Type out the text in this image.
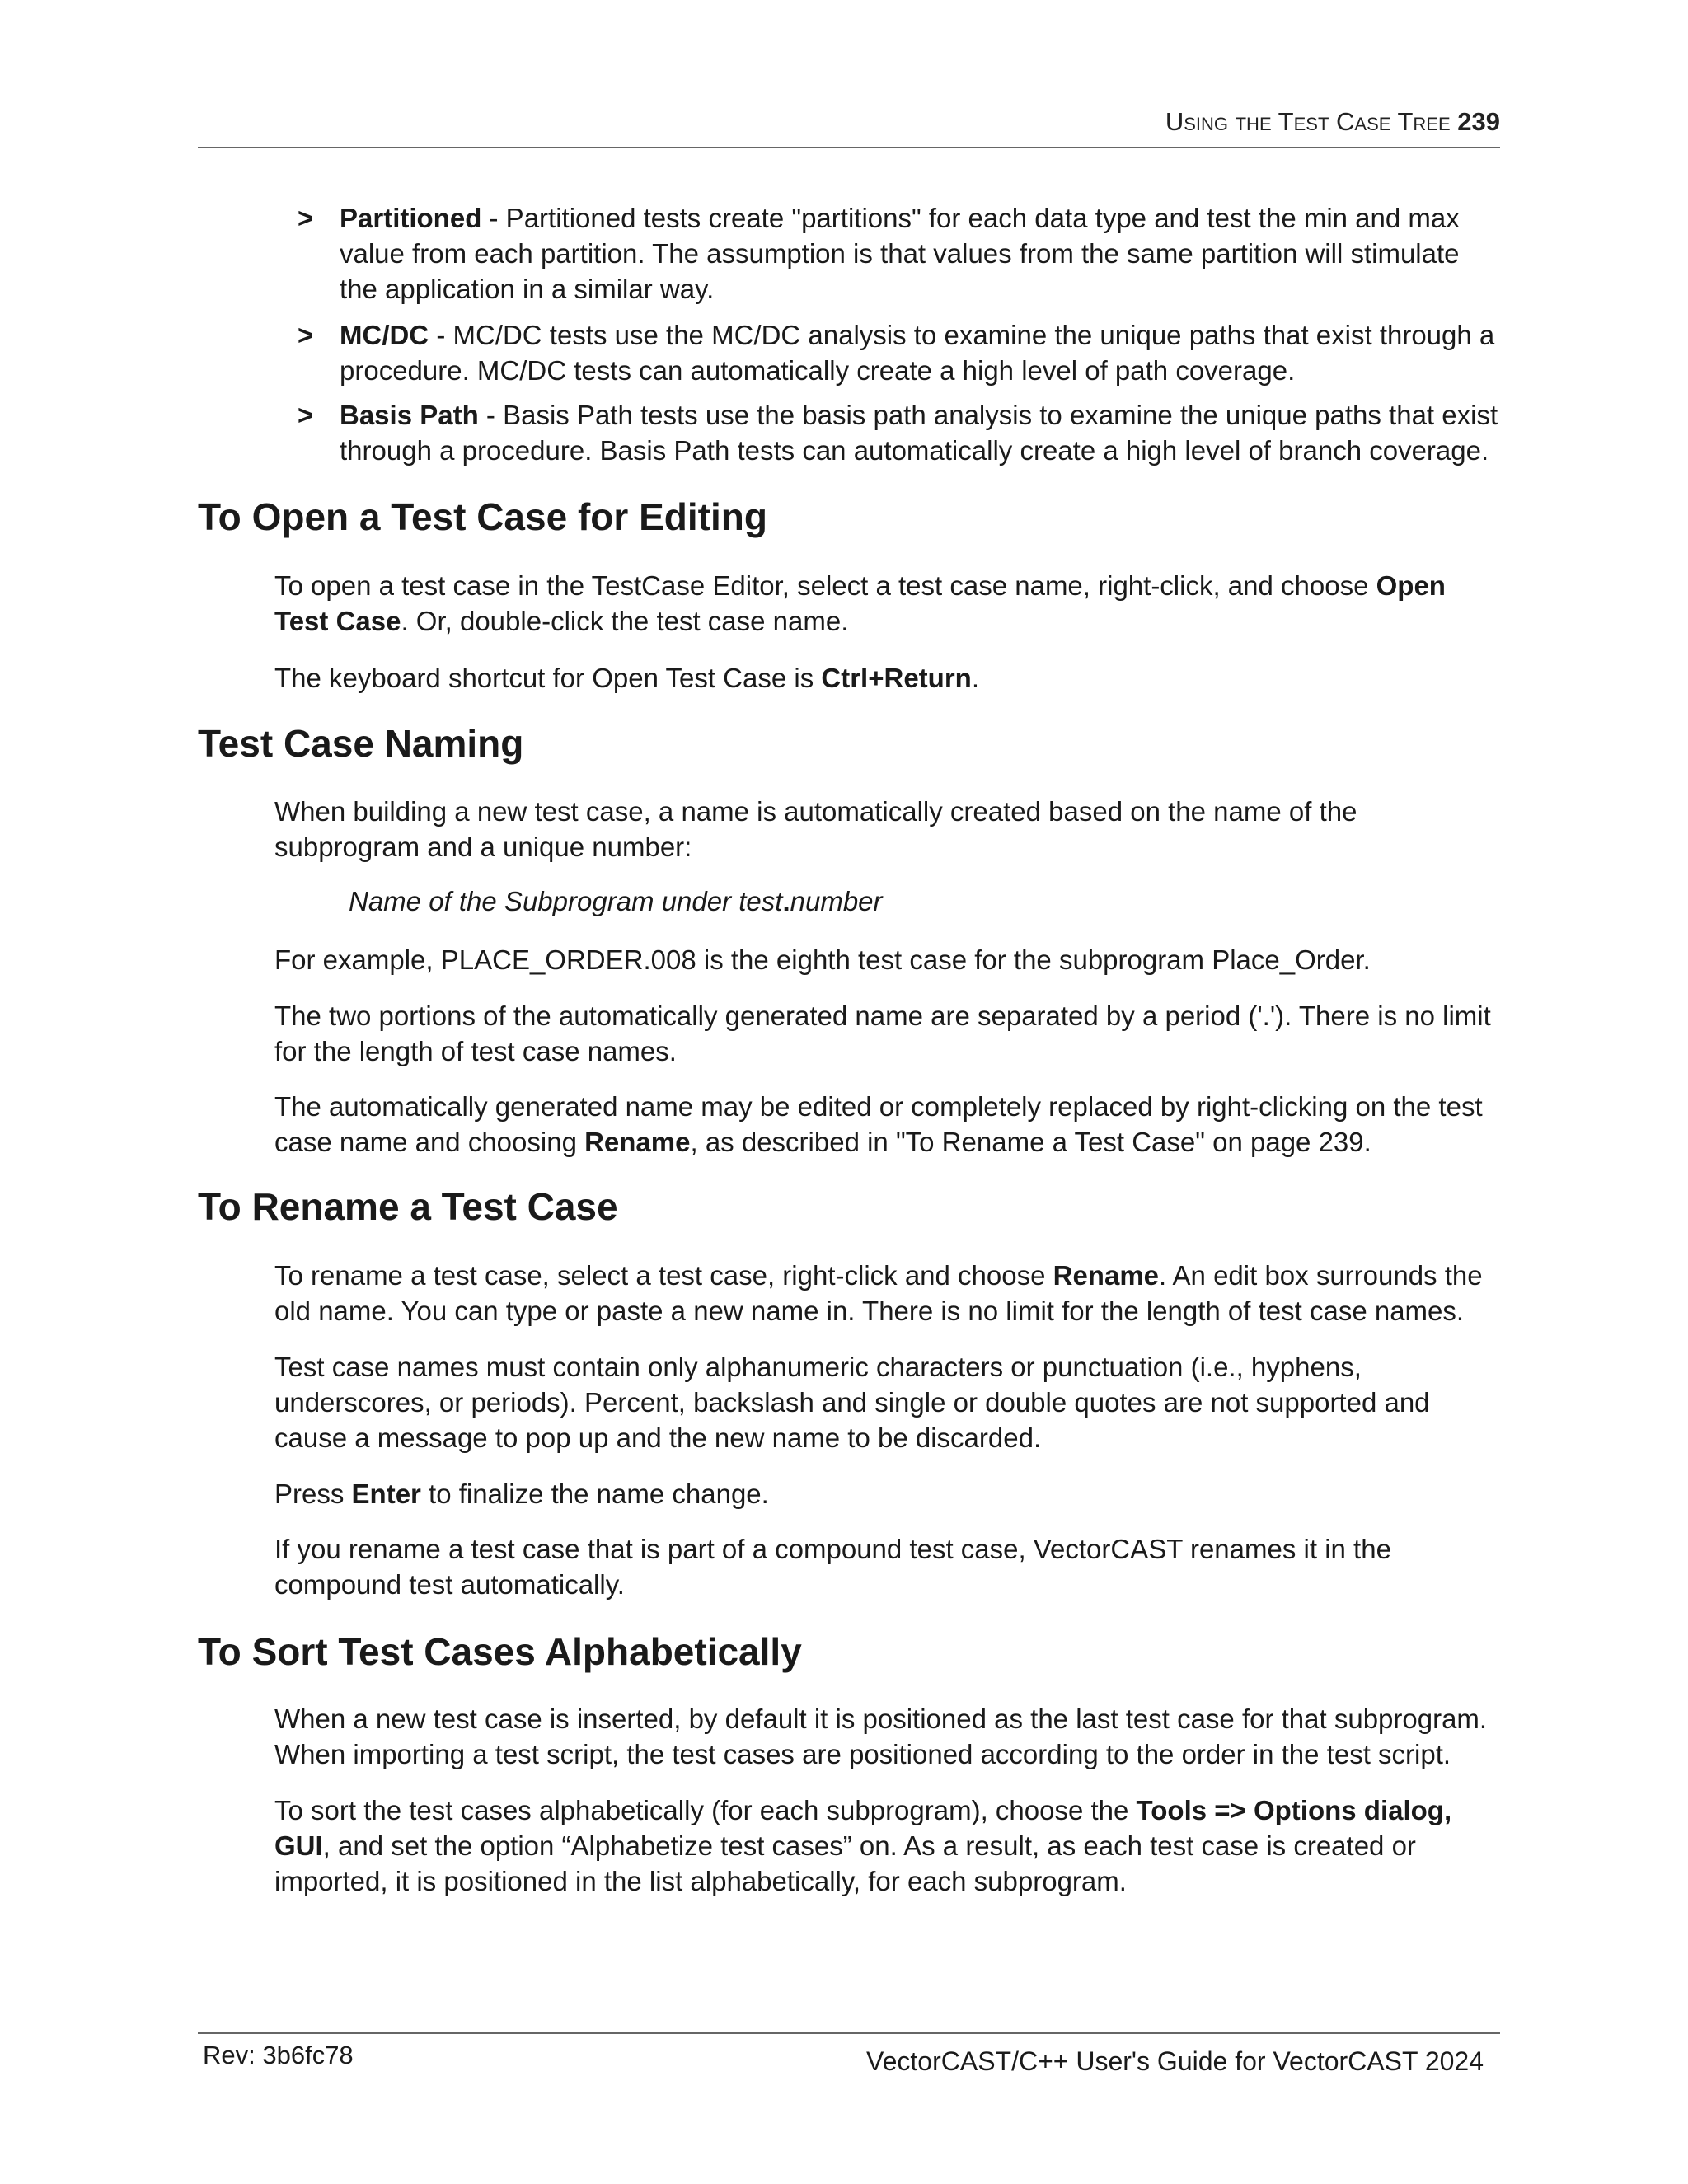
Using the Test Case Tree 239
> Partitioned - Partitioned tests create "partitions" for each data type and test the min and max value from each partition. The assumption is that values from the same partition will stimulate the application in a similar way.
> MC/DC - MC/DC tests use the MC/DC analysis to examine the unique paths that exist through a procedure. MC/DC tests can automatically create a high level of path coverage.
> Basis Path - Basis Path tests use the basis path analysis to examine the unique paths that exist through a procedure. Basis Path tests can automatically create a high level of branch coverage.
To Open a Test Case for Editing

To open a test case in the TestCase Editor, select a test case name, right-click, and choose Open Test Case. Or, double-click the test case name.

The keyboard shortcut for Open Test Case is Ctrl+Return.

Test Case Naming

When building a new test case, a name is automatically created based on the name of the subprogram and a unique number:

Name of the Subprogram under test.number

For example, PLACE_ORDER.008 is the eighth test case for the subprogram Place_Order.

The two portions of the automatically generated name are separated by a period ('.'). There is no limit for the length of test case names.

The automatically generated name may be edited or completely replaced by right-clicking on the test case name and choosing Rename, as described in "To Rename a Test Case" on page 239.

To Rename a Test Case

To rename a test case, select a test case, right-click and choose Rename. An edit box surrounds the old name. You can type or paste a new name in. There is no limit for the length of test case names.

Test case names must contain only alphanumeric characters or punctuation (i.e., hyphens, underscores, or periods). Percent, backslash and single or double quotes are not supported and cause a message to pop up and the new name to be discarded.

Press Enter to finalize the name change.

If you rename a test case that is part of a compound test case, VectorCAST renames it in the compound test automatically.

To Sort Test Cases Alphabetically

When a new test case is inserted, by default it is positioned as the last test case for that subprogram. When importing a test script, the test cases are positioned according to the order in the test script.

To sort the test cases alphabetically (for each subprogram), choose the Tools => Options dialog, GUI, and set the option “Alphabetize test cases” on. As a result, as each test case is created or imported, it is positioned in the list alphabetically, for each subprogram.

Rev: 3b6fc78	VectorCAST/C++ User's Guide for VectorCAST 2024
